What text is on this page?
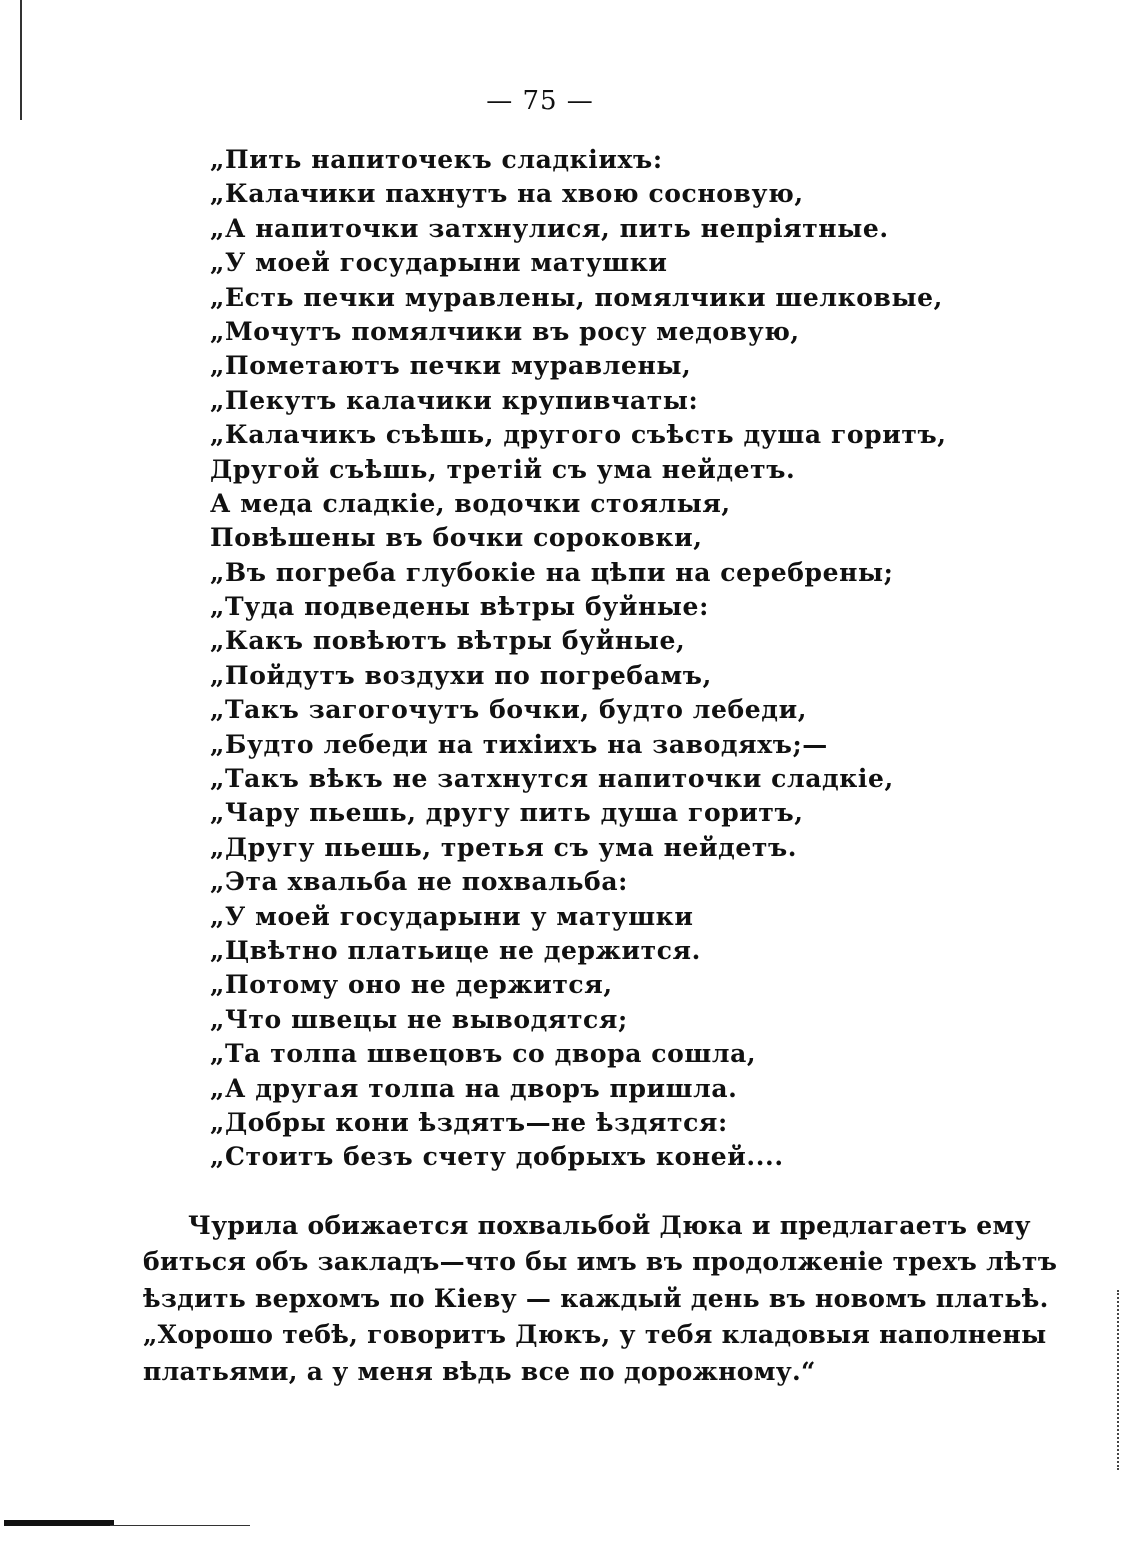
— 75 —
„Пить напиточекъ сладкіихъ:
„Калачики пахнутъ на хвою сосновую,
„А напиточки затхнулися, пить непріятные.
„У моей государыни матушки
„Есть печки муравлены, помялчики шелковые,
„Мочутъ помялчики въ росу медовую,
„Пометаютъ печки муравлены,
„Пекутъ калачики крупивчаты:
„Калачикъ съѣшь, другого съѣсть душа горитъ,
Другой съѣшь, третій съ ума нейдетъ.
А меда сладкіе, водочки стоялыя,
Повѣшены въ бочки сороковки,
„Въ погреба глубокіе на цѣпи на серебрены;
„Туда подведены вѣтры буйные:
„Какъ повѣютъ вѣтры буйные,
„Пойдутъ воздухи по погребамъ,
„Такъ загогочутъ бочки, будто лебеди,
„Будто лебеди на тихіихъ на заводяхъ;—
„Такъ вѣкъ не затхнутся напиточки сладкіе,
„Чару пьешь, другу пить душа горитъ,
„Другу пьешь, третья съ ума нейдетъ.
„Эта хвальба не похвальба:
„У моей государыни у матушки
„Цвѣтно платьице не держится.
„Потому оно не держится,
„Что швецы не выводятся;
„Та толпа швецовъ со двора сошла,
„А другая толпа на дворъ пришла.
„Добры кони ѣздятъ—не ѣздятся:
„Стоитъ безъ счету добрыхъ коней....

Чурила обижается похвальбой Дюка и предлагаетъ ему
биться объ закладъ—что бы имъ въ продолженіе трехъ лѣтъ
ѣздить верхомъ по Кіеву — каждый день въ новомъ платьѣ.
„Хорошо тебѣ, говоритъ Дюкъ, у тебя кладовыя наполнены
платьями, а у меня вѣдь все по дорожному.“
